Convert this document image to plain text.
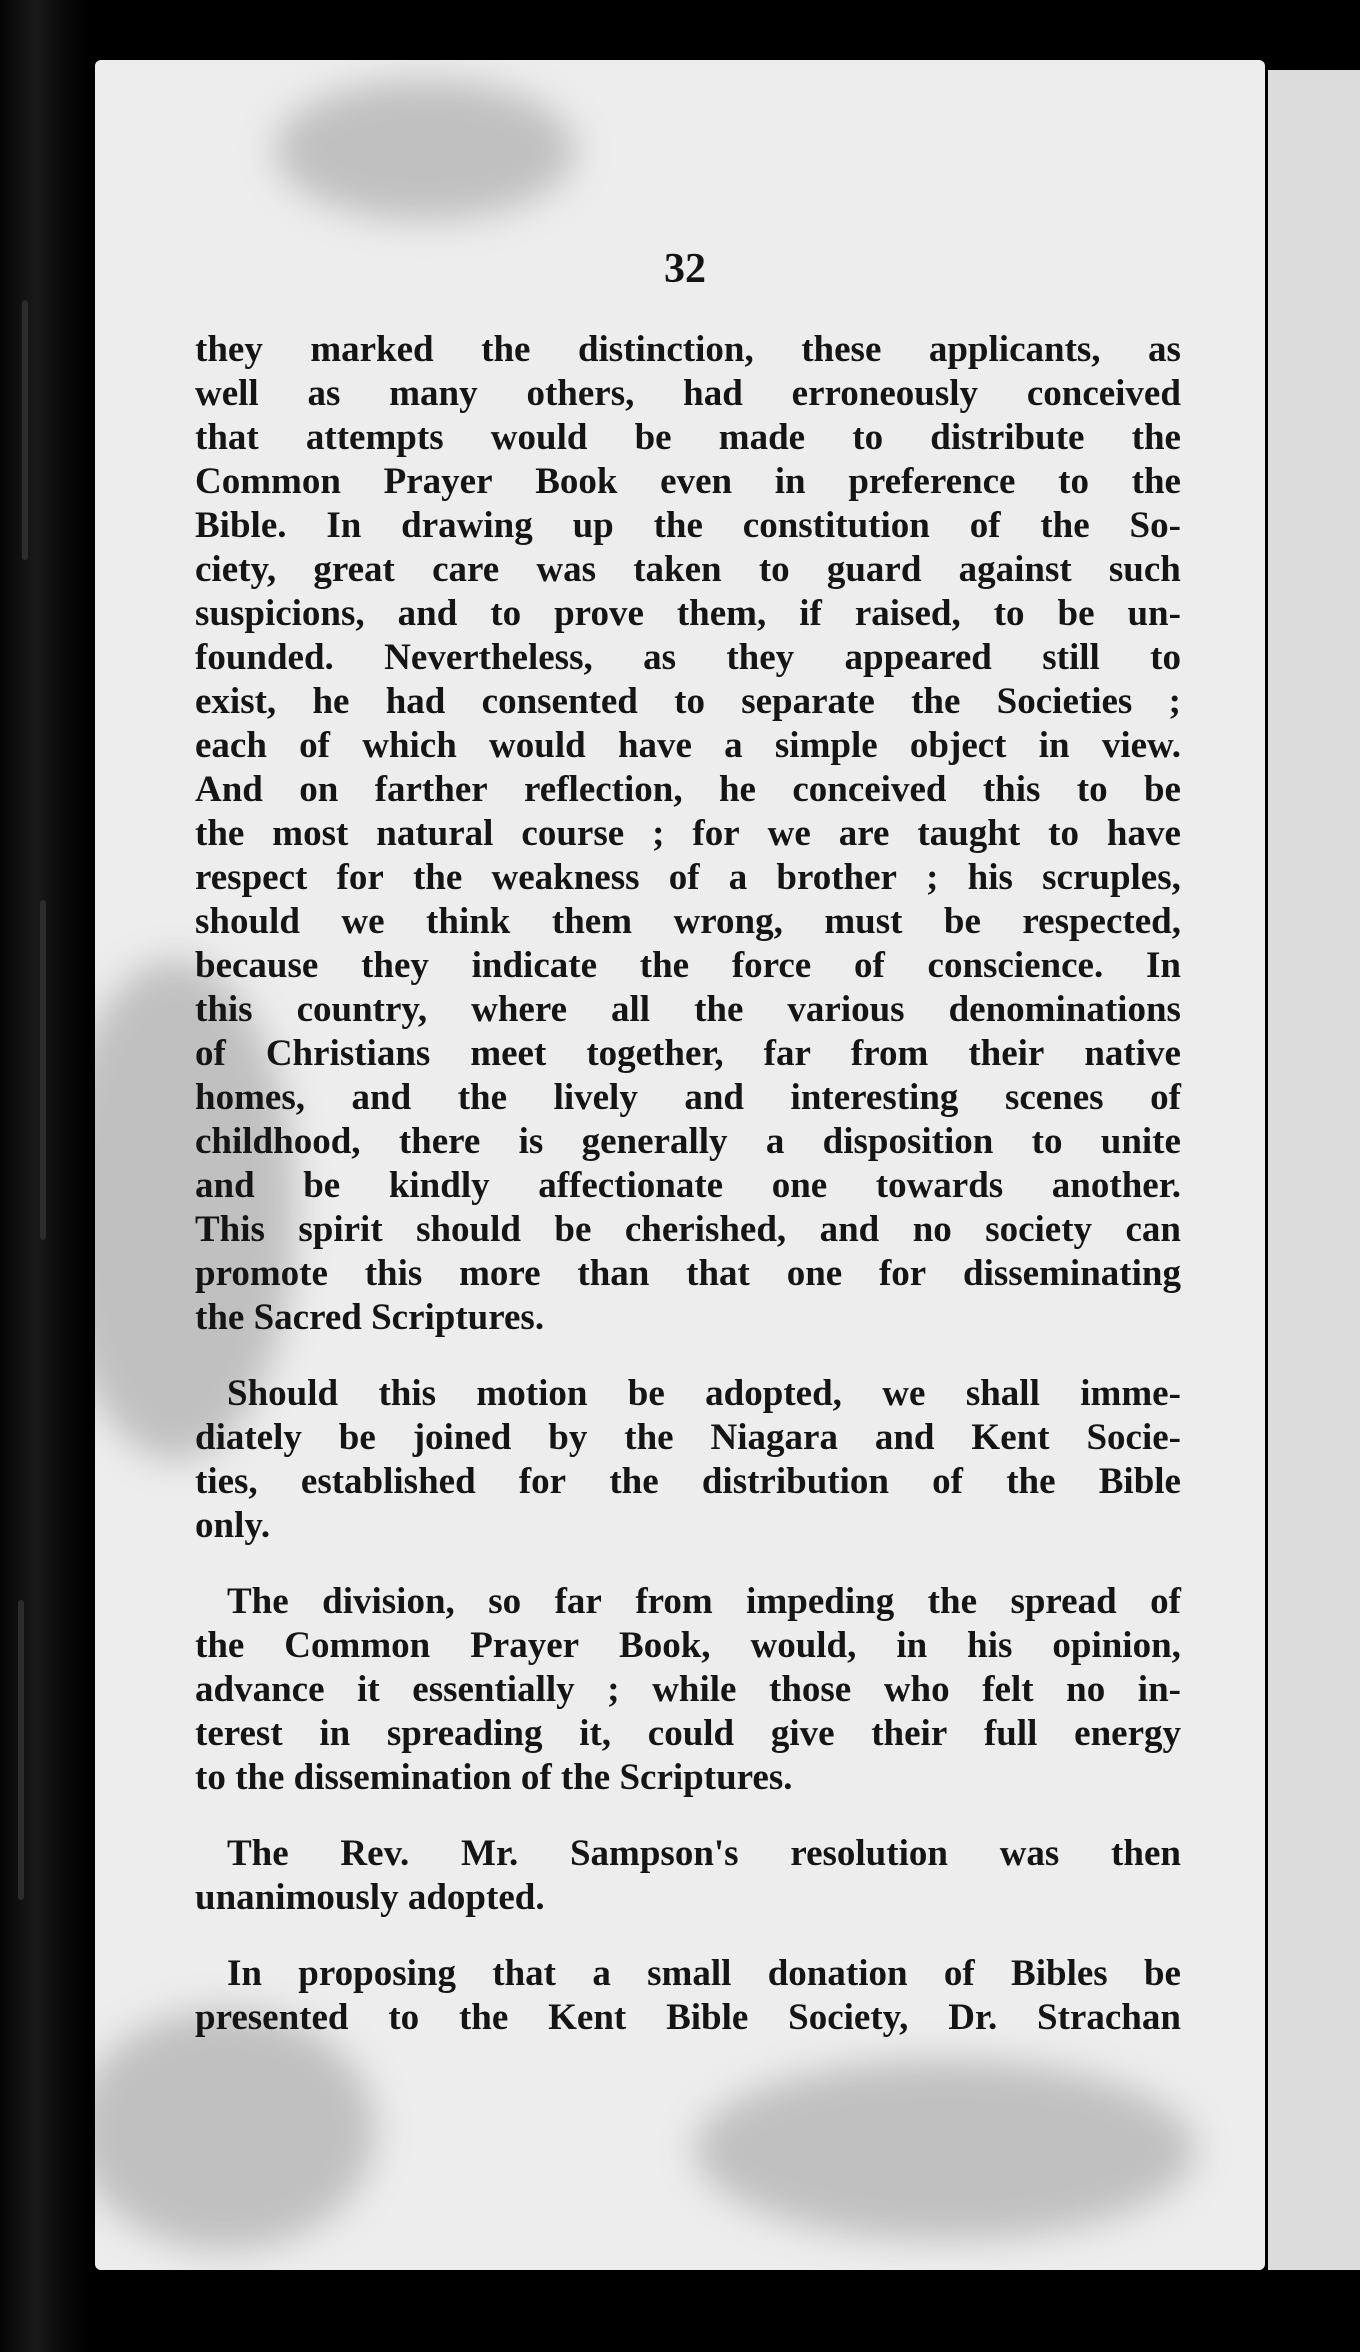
32
they marked the distinction, these applicants, as
well as many others, had erroneously conceived
that attempts would be made to distribute the
Common Prayer Book even in preference to the
Bible. In drawing up the constitution of the So-
ciety, great care was taken to guard against such
suspicions, and to prove them, if raised, to be un-
founded. Nevertheless, as they appeared still to
exist, he had consented to separate the Societies ;
each of which would have a simple object in view.
And on farther reflection, he conceived this to be
the most natural course ; for we are taught to have
respect for the weakness of a brother ; his scruples,
should we think them wrong, must be respected,
because they indicate the force of conscience. In
this country, where all the various denominations
of Christians meet together, far from their native
homes, and the lively and interesting scenes of
childhood, there is generally a disposition to unite
and be kindly affectionate one towards another.
This spirit should be cherished, and no society can
promote this more than that one for disseminating
the Sacred Scriptures.
Should this motion be adopted, we shall imme-
diately be joined by the Niagara and Kent Socie-
ties, established for the distribution of the Bible
only.
The division, so far from impeding the spread of
the Common Prayer Book, would, in his opinion,
advance it essentially ; while those who felt no in-
terest in spreading it, could give their full energy
to the dissemination of the Scriptures.
The Rev. Mr. Sampson's resolution was then
unanimously adopted.
In proposing that a small donation of Bibles be
presented to the Kent Bible Society, Dr. Strachan
